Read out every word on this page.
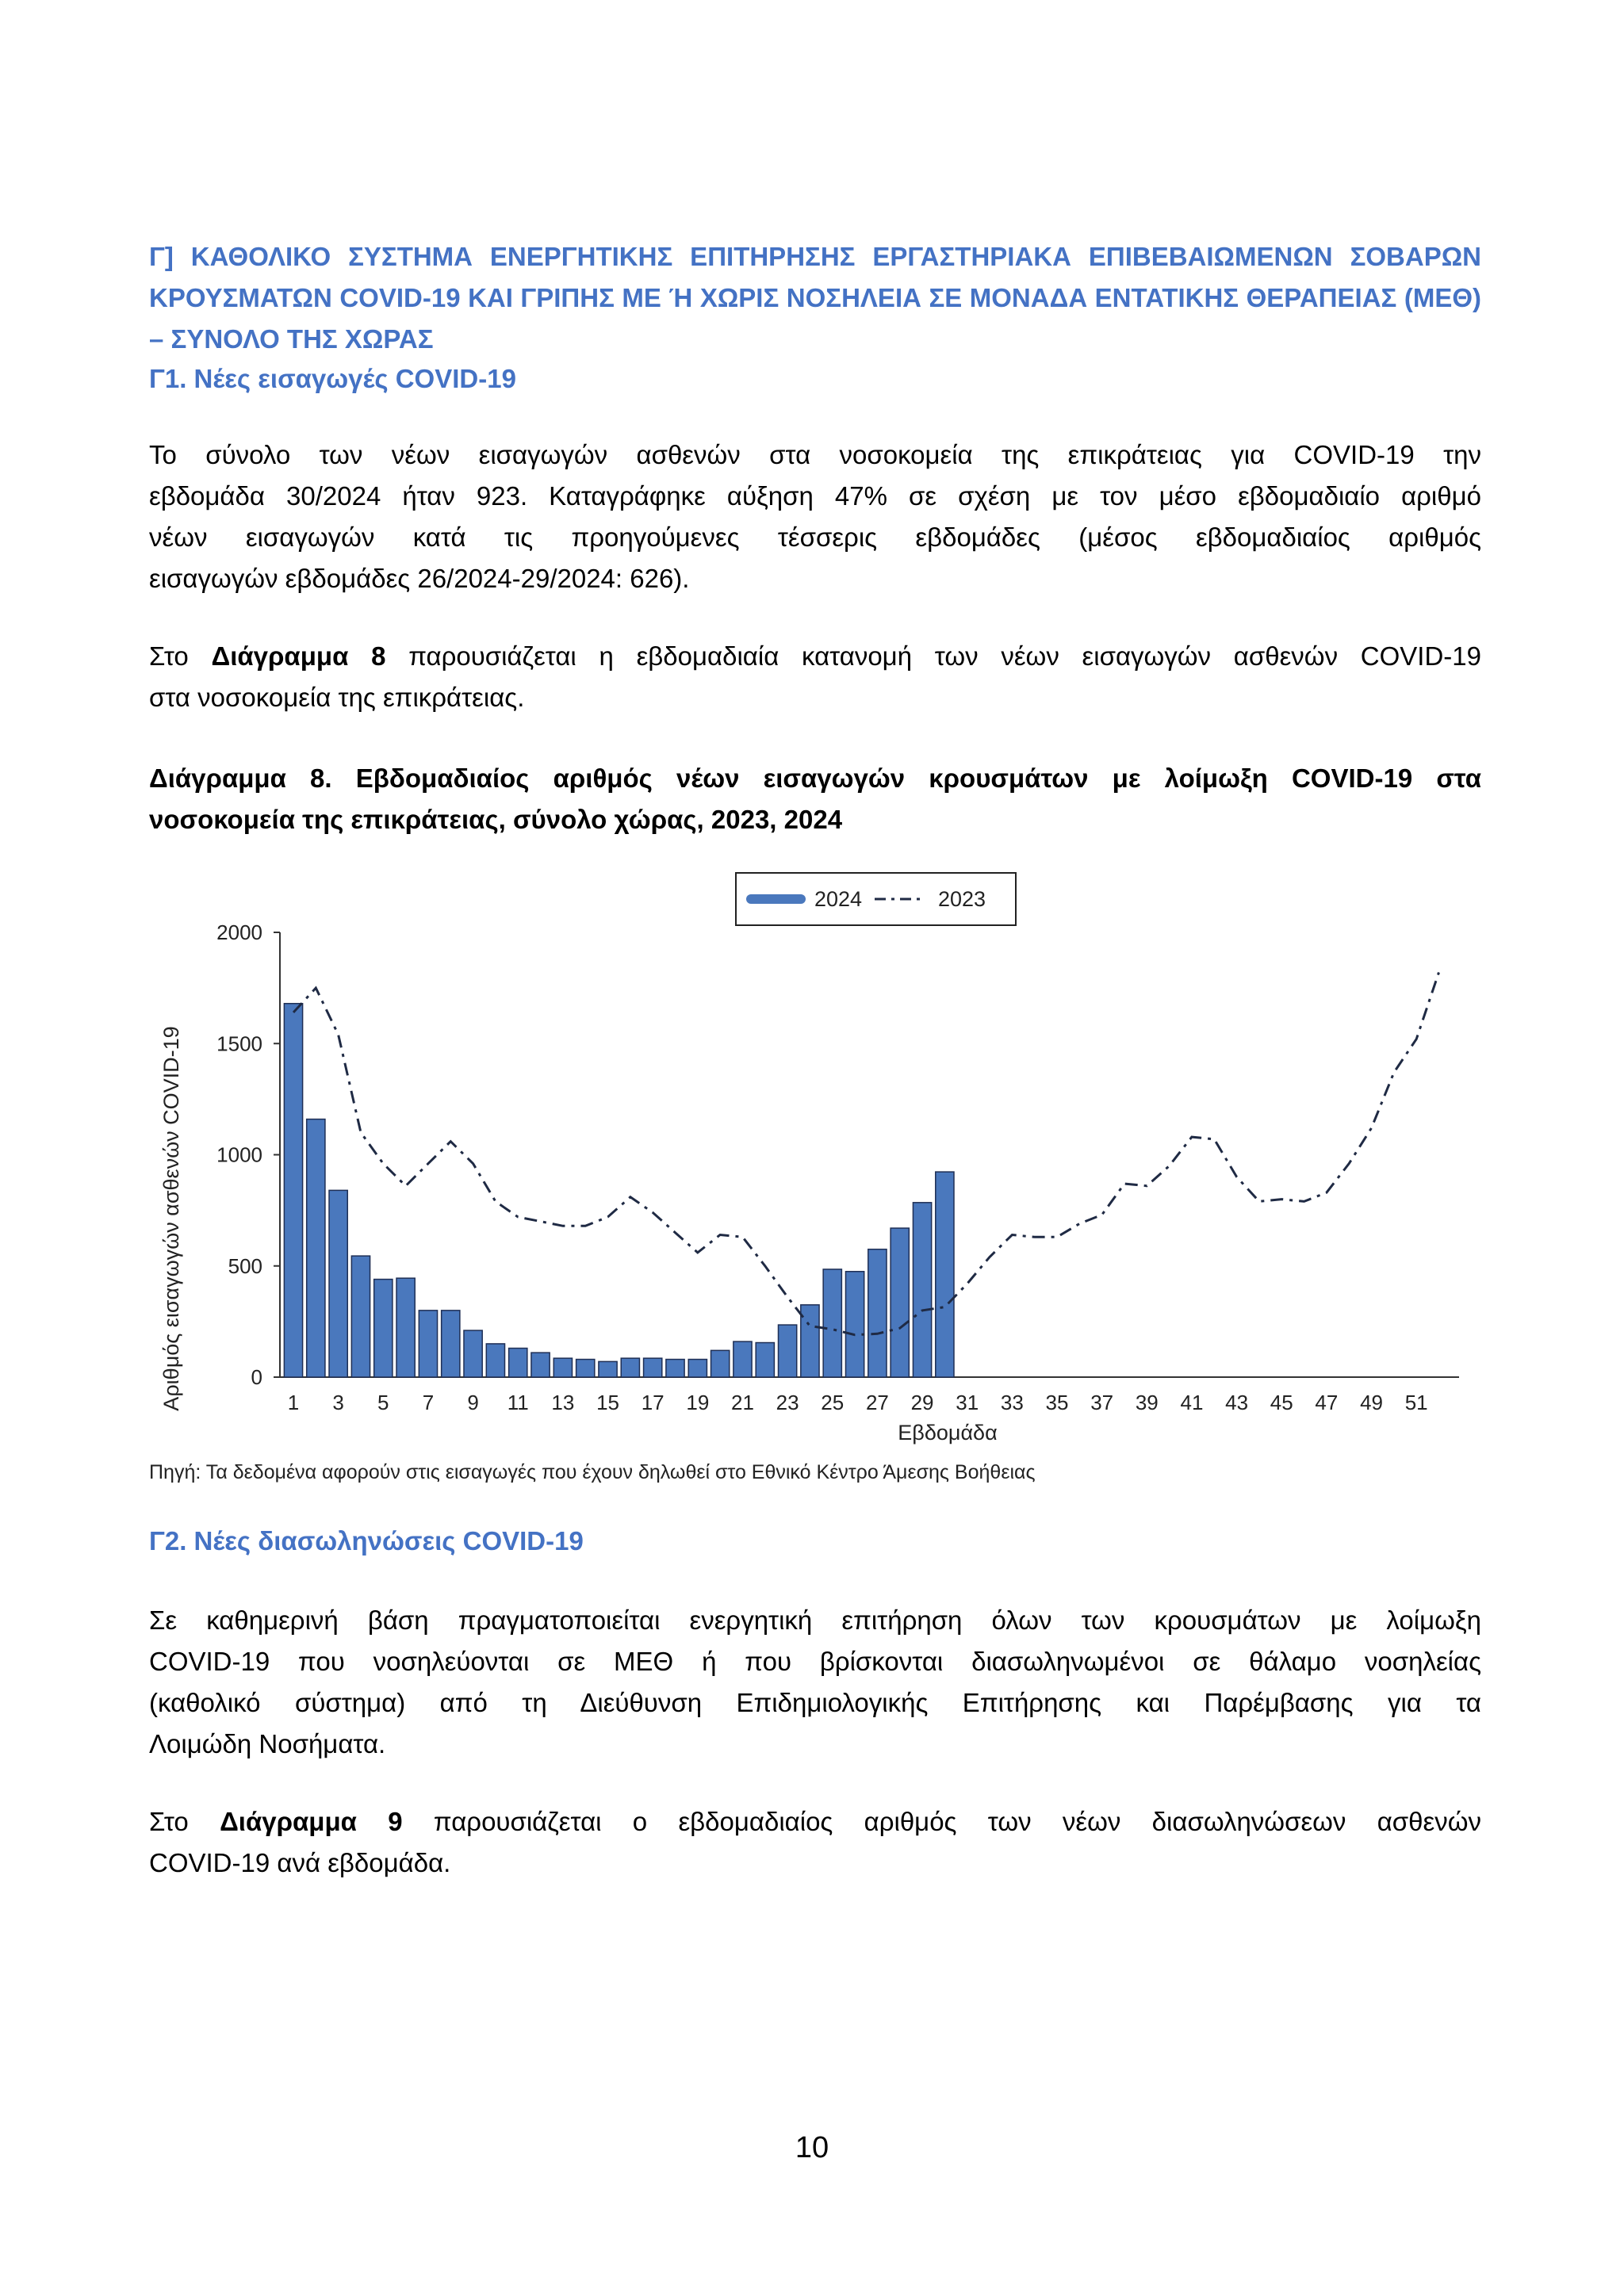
Γ] ΚΑΘΟΛΙΚΟ ΣΥΣΤΗΜΑ ΕΝΕΡΓΗΤΙΚΗΣ ΕΠΙΤΗΡΗΣΗΣ ΕΡΓΑΣΤΗΡΙΑΚΑ ΕΠΙΒΕΒΑΙΩΜΕΝΩΝ ΣΟΒΑΡΩΝ ΚΡΟΥΣΜΑΤΩΝ COVID-19 ΚΑΙ ΓΡΙΠΗΣ ΜΕ Ή ΧΩΡΙΣ ΝΟΣΗΛΕΙΑ ΣΕ ΜΟΝΑΔΑ ΕΝΤΑΤΙΚΗΣ ΘΕΡΑΠΕΙΑΣ (ΜΕΘ) – ΣΥΝΟΛΟ ΤΗΣ ΧΩΡΑΣ
Γ1. Νέες εισαγωγές COVID-19
Το σύνολο των νέων εισαγωγών ασθενών στα νοσοκομεία της επικράτειας για COVID-19 την
εβδομάδα 30/2024 ήταν 923. Καταγράφηκε αύξηση 47% σε σχέση με τον μέσο εβδομαδιαίο αριθμό
νέων εισαγωγών κατά τις προηγούμενες τέσσερις εβδομάδες (μέσος εβδομαδιαίος αριθμός
εισαγωγών εβδομάδες 26/2024-29/2024: 626).
Στο Διάγραμμα 8 παρουσιάζεται η εβδομαδιαία κατανομή των νέων εισαγωγών ασθενών COVID-19
στα νοσοκομεία της επικράτειας.
Διάγραμμα 8. Εβδομαδιαίος αριθμός νέων εισαγωγών κρουσμάτων με λοίμωξη COVID-19 στα
νοσοκομεία της επικράτειας, σύνολο χώρας, 2023, 2024
0
500
1000
1500
2000
1 3 5 7 9 11 13 15 17 19 21 23 25 27 29 31 33 35 37 39 41 43 45 47 49 51
2024	2023
Εβδομάδα
Αριθμός εισαγωγών ασθενών COVID-19
Πηγή: Τα δεδομένα αφορούν στις εισαγωγές που έχουν δηλωθεί στο Εθνικό Κέντρο Άμεσης Βοήθειας
Γ2. Νέες διασωληνώσεις COVID-19
Σε καθημερινή βάση πραγματοποιείται ενεργητική επιτήρηση όλων των κρουσμάτων με λοίμωξη
COVID-19 που νοσηλεύονται σε ΜΕΘ ή που βρίσκονται διασωληνωμένοι σε θάλαμο νοσηλείας
(καθολικό σύστημα) από τη Διεύθυνση Επιδημιολογικής Επιτήρησης και Παρέμβασης για τα
Λοιμώδη Νοσήματα.
Στο Διάγραμμα 9 παρουσιάζεται ο εβδομαδιαίος αριθμός των νέων διασωληνώσεων ασθενών
COVID-19 ανά εβδομάδα.
10
